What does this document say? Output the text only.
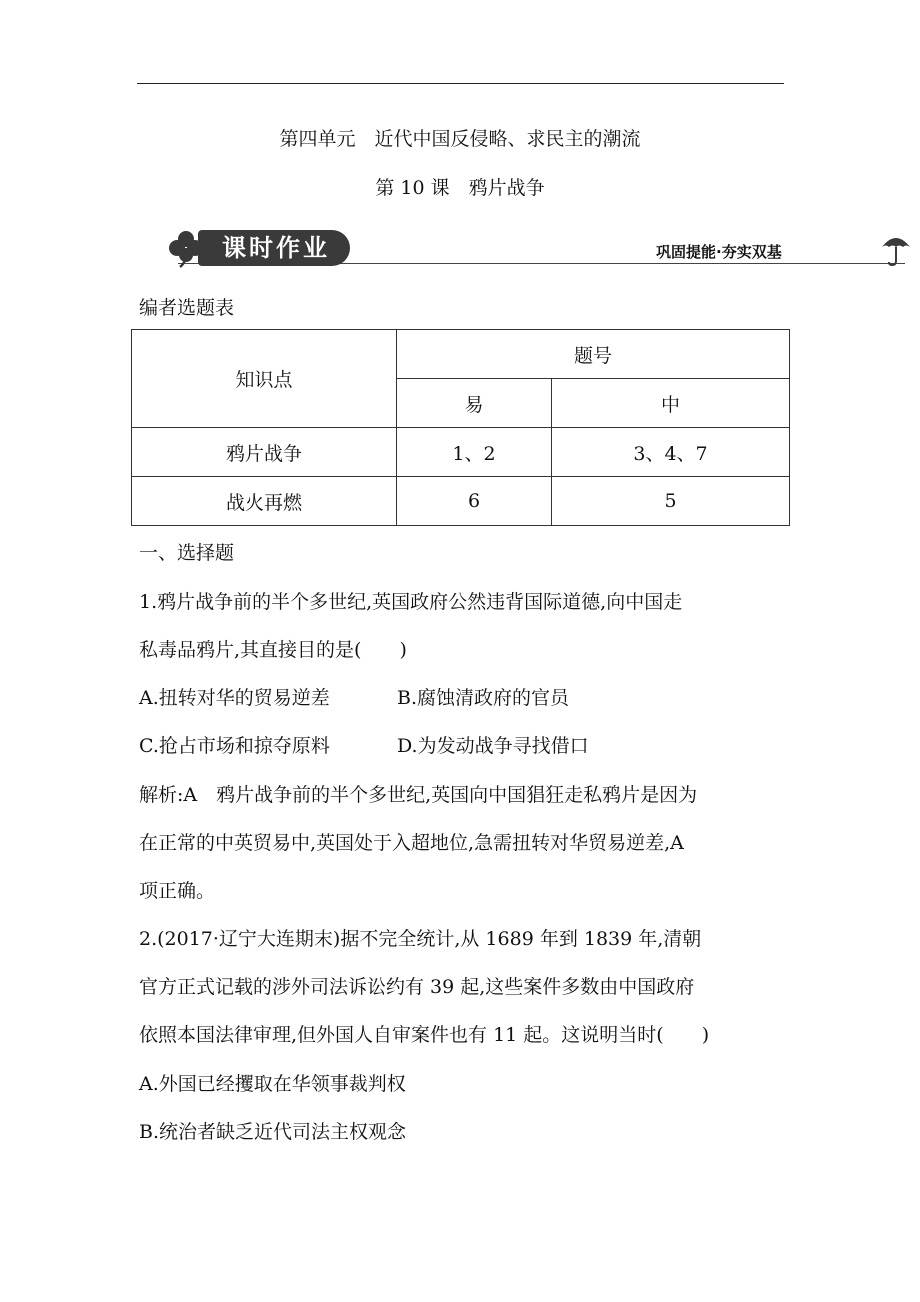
第四单元　近代中国反侵略、求民主的潮流
第 10 课　鸦片战争
课时作业	巩固提能·夯实双基
编者选题表
知识点	题号	
	易	中
鸦片战争	1、2	3、4、7
战火再燃	6	5
一、选择题
1.鸦片战争前的半个多世纪,英国政府公然违背国际道德,向中国走
私毒品鸦片,其直接目的是(　　)
A.扭转对华的贸易逆差	B.腐蚀清政府的官员
C.抢占市场和掠夺原料	D.为发动战争寻找借口
解析:A　鸦片战争前的半个多世纪,英国向中国猖狂走私鸦片是因为
在正常的中英贸易中,英国处于入超地位,急需扭转对华贸易逆差,A
项正确。
2.(2017·辽宁大连期末)据不完全统计,从 1689 年到 1839 年,清朝
官方正式记载的涉外司法诉讼约有 39 起,这些案件多数由中国政府
依照本国法律审理,但外国人自审案件也有 11 起。这说明当时(　　)
A.外国已经攫取在华领事裁判权
B.统治者缺乏近代司法主权观念
